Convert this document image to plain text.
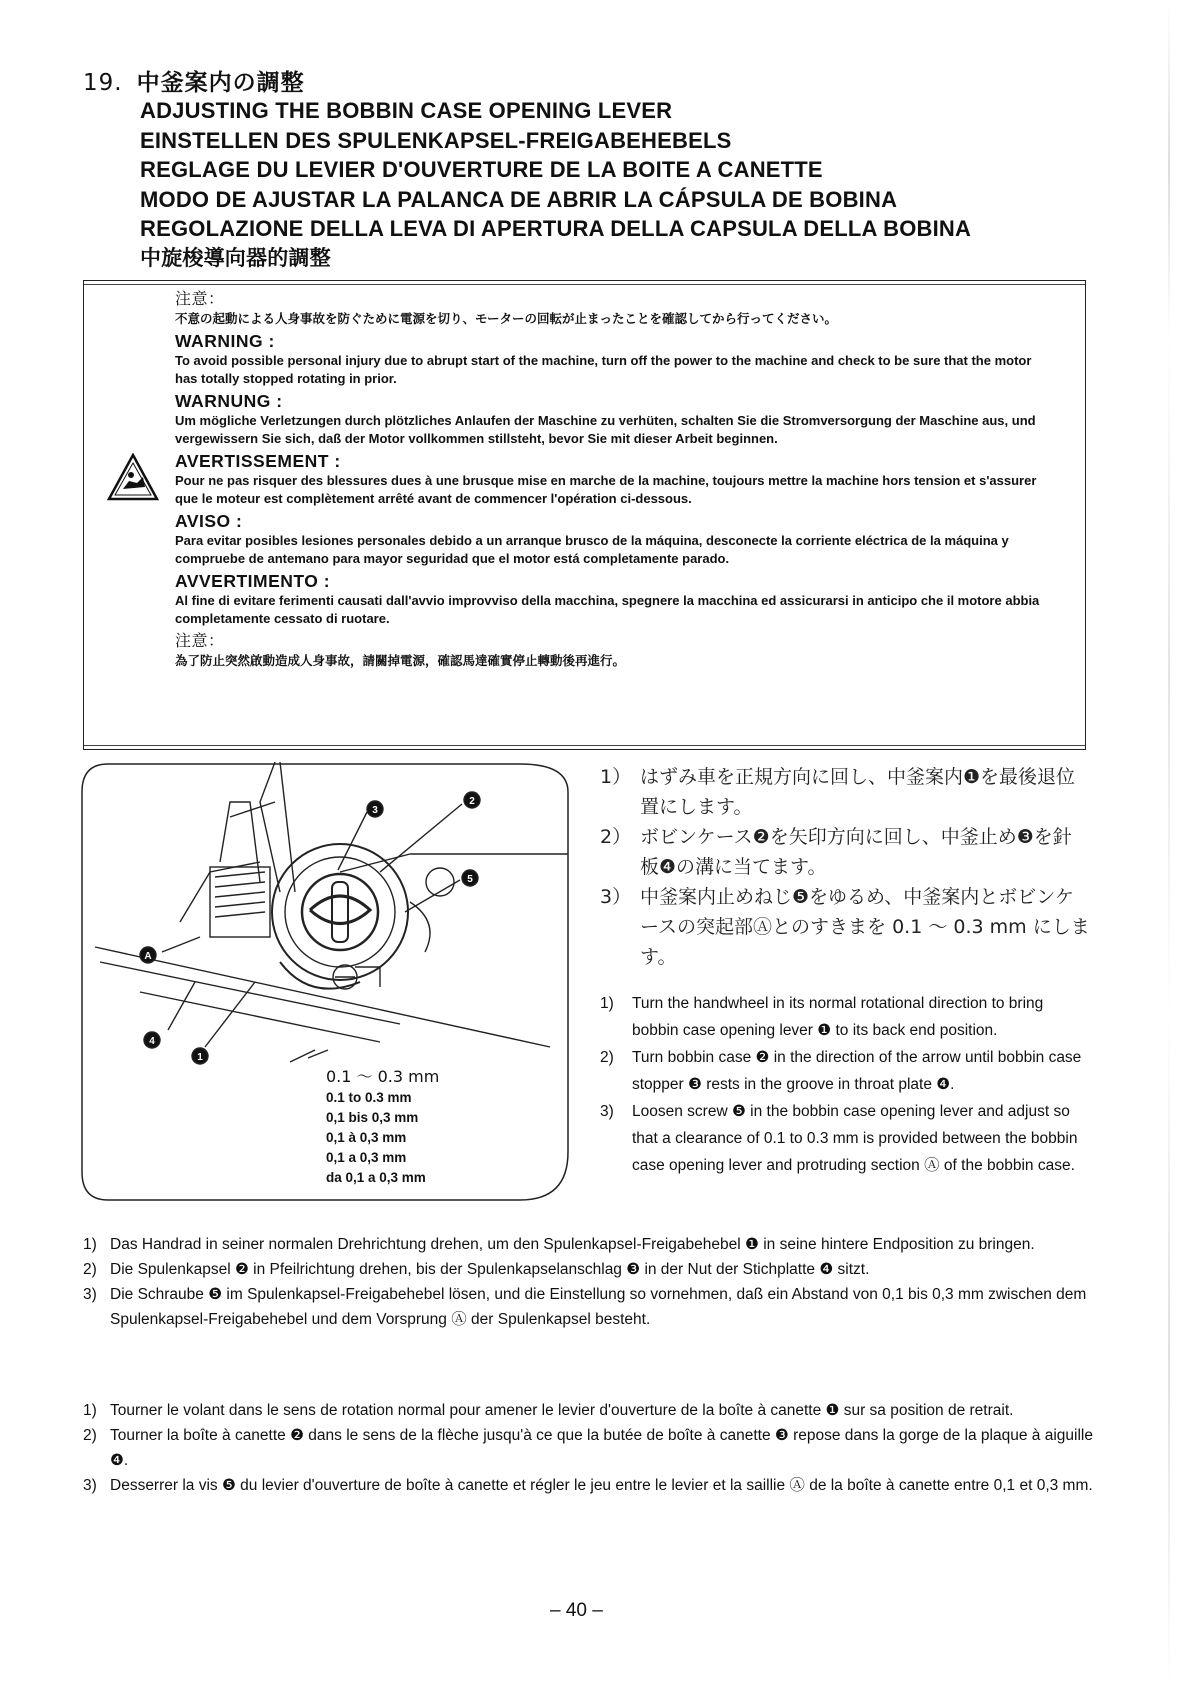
19. 中釜案内の調整
ADJUSTING THE BOBBIN CASE OPENING LEVER
EINSTELLEN DES SPULENKAPSEL-FREIGABEHEBELS
REGLAGE DU LEVIER D'OUVERTURE DE LA BOITE A CANETTE
MODO DE AJUSTAR LA PALANCA DE ABRIR LA CÁPSULA DE BOBINA
REGOLAZIONE DELLA LEVA DI APERTURA DELLA CAPSULA DELLA BOBINA
中旋梭導向器的調整
注意：
不意の起動による人身事故を防ぐために電源を切り、モーターの回転が止まったことを確認してから行ってください。
WARNING :
To avoid possible personal injury due to abrupt start of the machine, turn off the power to the machine and check to be sure that the motor has totally stopped rotating in prior.
WARNUNG :
Um mögliche Verletzungen durch plötzliches Anlaufen der Maschine zu verhüten, schalten Sie die Stromversorgung der Maschine aus, und vergewissern Sie sich, daß der Motor vollkommen stillsteht, bevor Sie mit dieser Arbeit beginnen.
AVERTISSEMENT :
Pour ne pas risquer des blessures dues à une brusque mise en marche de la machine, toujours mettre la machine hors tension et s'assurer que le moteur est complètement arrêté avant de commencer l'opération ci-dessous.
AVISO :
Para evitar posibles lesiones personales debido a un arranque brusco de la máquina, desconecte la corriente eléctrica de la máquina y compruebe de antemano para mayor seguridad que el motor está completamente parado.
AVVERTIMENTO :
Al fine di evitare ferimenti causati dall'avvio improvviso della macchina, spegnere la macchina ed assicurarsi in anticipo che il motore abbia completamente cessato di ruotare.
注意：
為了防止突然啟動造成人身事故，請關掉電源，確認馬達確實停止轉動後再進行。
A
4
1
3
2
5
0.1 ～ 0.3 mm
0.1 to 0.3 mm
0,1 bis 0,3 mm
0,1 à 0,3 mm
0,1 a 0,3 mm
da 0,1 a 0,3 mm
1） はずみ車を正規方向に回し、中釜案内❶を最後退位置にします。
2） ボビンケース❷を矢印方向に回し、中釜止め❸を針板❹の溝に当てます。
3） 中釜案内止めねじ❺をゆるめ、中釜案内とボビンケースの突起部Ⓐとのすきまを 0.1 ～ 0.3 mm にします。
1)	Turn the handwheel in its normal rotational direction to bring bobbin case opening lever ❶ to its back end position.
2)	Turn bobbin case ❷ in the direction of the arrow until bobbin case stopper ❸ rests in the groove in throat plate ❹.
3)	Loosen screw ❺ in the bobbin case opening lever and adjust so that a clearance of 0.1 to 0.3 mm is provided between the bobbin case opening lever and protruding section Ⓐ of the bobbin case.
1) Das Handrad in seiner normalen Drehrichtung drehen, um den Spulenkapsel-Freigabehebel ❶ in seine hintere Endposition zu bringen.
2) Die Spulenkapsel ❷ in Pfeilrichtung drehen, bis der Spulenkapselanschlag ❸ in der Nut der Stichplatte ❹ sitzt.
3) Die Schraube ❺ im Spulenkapsel-Freigabehebel lösen, und die Einstellung so vornehmen, daß ein Abstand von 0,1 bis 0,3 mm zwischen dem Spulenkapsel-Freigabehebel und dem Vorsprung Ⓐ der Spulenkapsel besteht.
1) Tourner le volant dans le sens de rotation normal pour amener le levier d'ouverture de la boîte à canette ❶ sur sa position de retrait.
2) Tourner la boîte à canette ❷ dans le sens de la flèche jusqu'à ce que la butée de boîte à canette ❸ repose dans la gorge de la plaque à aiguille ❹.
3) Desserrer la vis ❺ du levier d'ouverture de boîte à canette et régler le jeu entre le levier et la saillie Ⓐ de la boîte à canette entre 0,1 et 0,3 mm.
– 40 –
